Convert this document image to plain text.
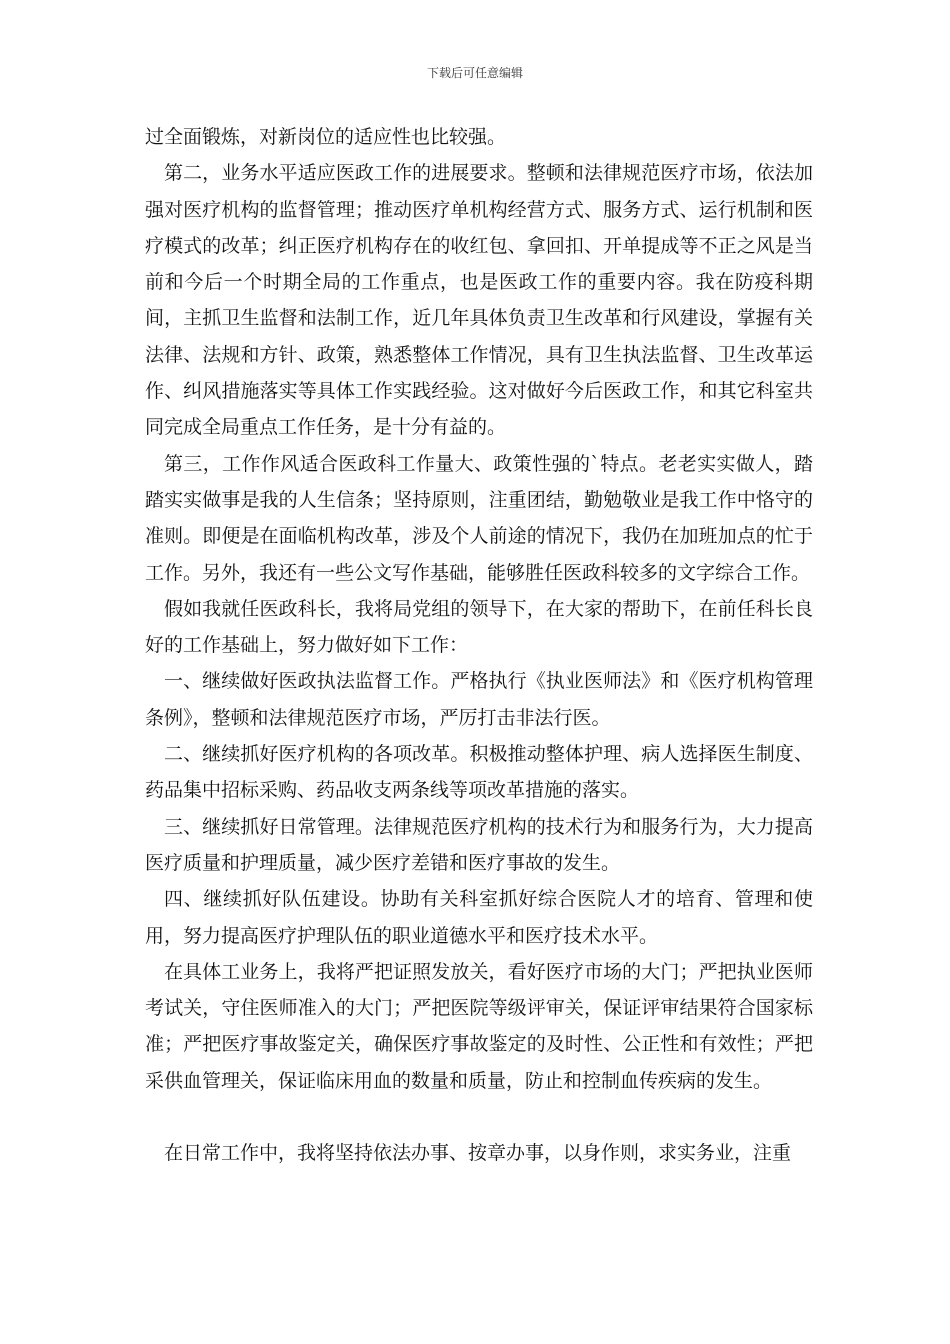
下载后可任意编辑

过全面锻炼，对新岗位的适应性也比较强。

第二，业务水平适应医政工作的进展要求。整顿和法律规范医疗市场，依法加强对医疗机构的监督管理；推动医疗单机构经营方式、服务方式、运行机制和医疗模式的改革；纠正医疗机构存在的收红包、拿回扣、开单提成等不正之风是当前和今后一个时期全局的工作重点，也是医政工作的重要内容。我在防疫科期间，主抓卫生监督和法制工作，近几年具体负责卫生改革和行风建设，掌握有关法律、法规和方针、政策，熟悉整体工作情况，具有卫生执法监督、卫生改革运作、纠风措施落实等具体工作实践经验。这对做好今后医政工作，和其它科室共同完成全局重点工作任务，是十分有益的。

第三，工作作风适合医政科工作量大、政策性强的`特点。老老实实做人，踏踏实实做事是我的人生信条；坚持原则，注重团结，勤勉敬业是我工作中恪守的准则。即便是在面临机构改革，涉及个人前途的情况下，我仍在加班加点的忙于工作。另外，我还有一些公文写作基础，能够胜任医政科较多的文字综合工作。

假如我就任医政科长，我将局党组的领导下，在大家的帮助下，在前任科长良好的工作基础上，努力做好如下工作：

一、继续做好医政执法监督工作。严格执行《执业医师法》和《医疗机构管理条例》，整顿和法律规范医疗市场，严厉打击非法行医。

二、继续抓好医疗机构的各项改革。积极推动整体护理、病人选择医生制度、药品集中招标采购、药品收支两条线等项改革措施的落实。

三、继续抓好日常管理。法律规范医疗机构的技术行为和服务行为，大力提高医疗质量和护理质量，减少医疗差错和医疗事故的发生。

四、继续抓好队伍建设。协助有关科室抓好综合医院人才的培育、管理和使用，努力提高医疗护理队伍的职业道德水平和医疗技术水平。

在具体工业务上，我将严把证照发放关，看好医疗市场的大门；严把执业医师考试关，守住医师准入的大门；严把医院等级评审关，保证评审结果符合国家标准；严把医疗事故鉴定关，确保医疗事故鉴定的及时性、公正性和有效性；严把采供血管理关，保证临床用血的数量和质量，防止和控制血传疾病的发生。

在日常工作中，我将坚持依法办事、按章办事，以身作则，求实务业，注重
